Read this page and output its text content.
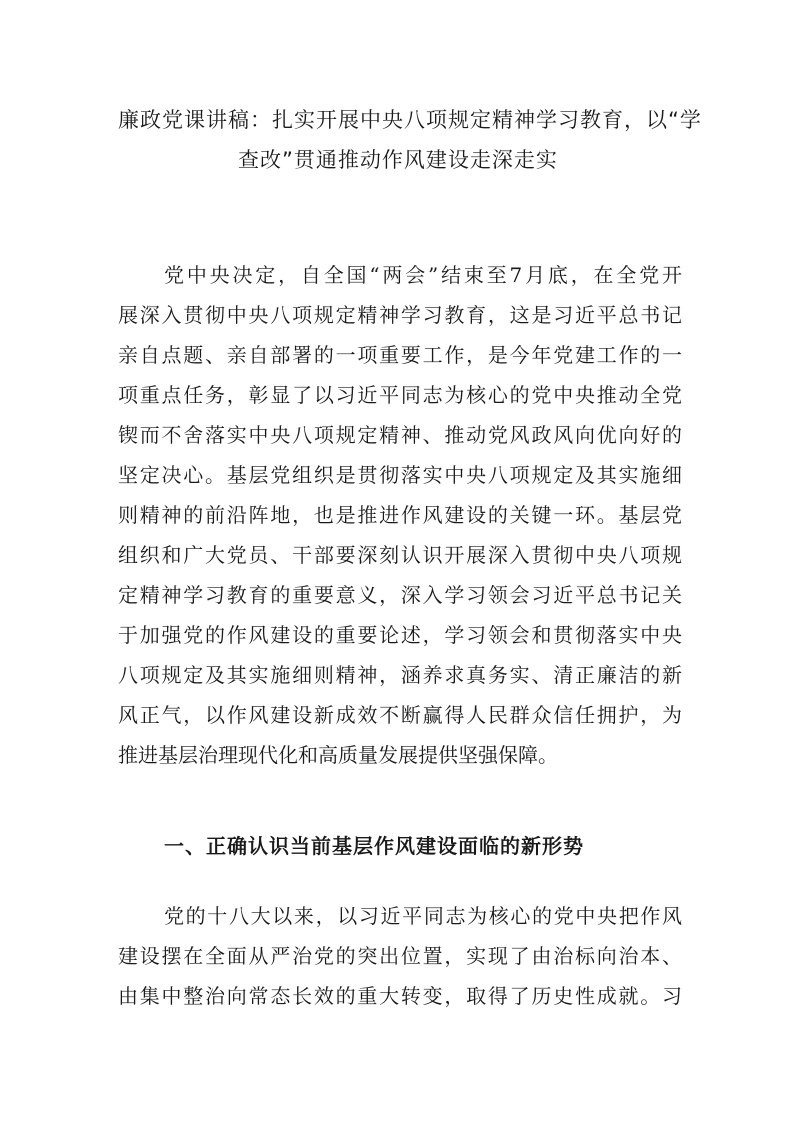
廉政党课讲稿：扎实开展中央八项规定精神学习教育，以“学
查改”贯通推动作风建设走深走实

党中央决定，自全国“两会”结束至7月底，在全党开
展深入贯彻中央八项规定精神学习教育，这是习近平总书记
亲自点题、亲自部署的一项重要工作，是今年党建工作的一
项重点任务，彰显了以习近平同志为核心的党中央推动全党
锲而不舍落实中央八项规定精神、推动党风政风向优向好的
坚定决心。基层党组织是贯彻落实中央八项规定及其实施细
则精神的前沿阵地，也是推进作风建设的关键一环。基层党
组织和广大党员、干部要深刻认识开展深入贯彻中央八项规
定精神学习教育的重要意义，深入学习领会习近平总书记关
于加强党的作风建设的重要论述，学习领会和贯彻落实中央
八项规定及其实施细则精神，涵养求真务实、清正廉洁的新
风正气，以作风建设新成效不断赢得人民群众信任拥护，为
推进基层治理现代化和高质量发展提供坚强保障。

一、正确认识当前基层作风建设面临的新形势

党的十八大以来，以习近平同志为核心的党中央把作风
建设摆在全面从严治党的突出位置，实现了由治标向治本、
由集中整治向常态长效的重大转变，取得了历史性成就。习
